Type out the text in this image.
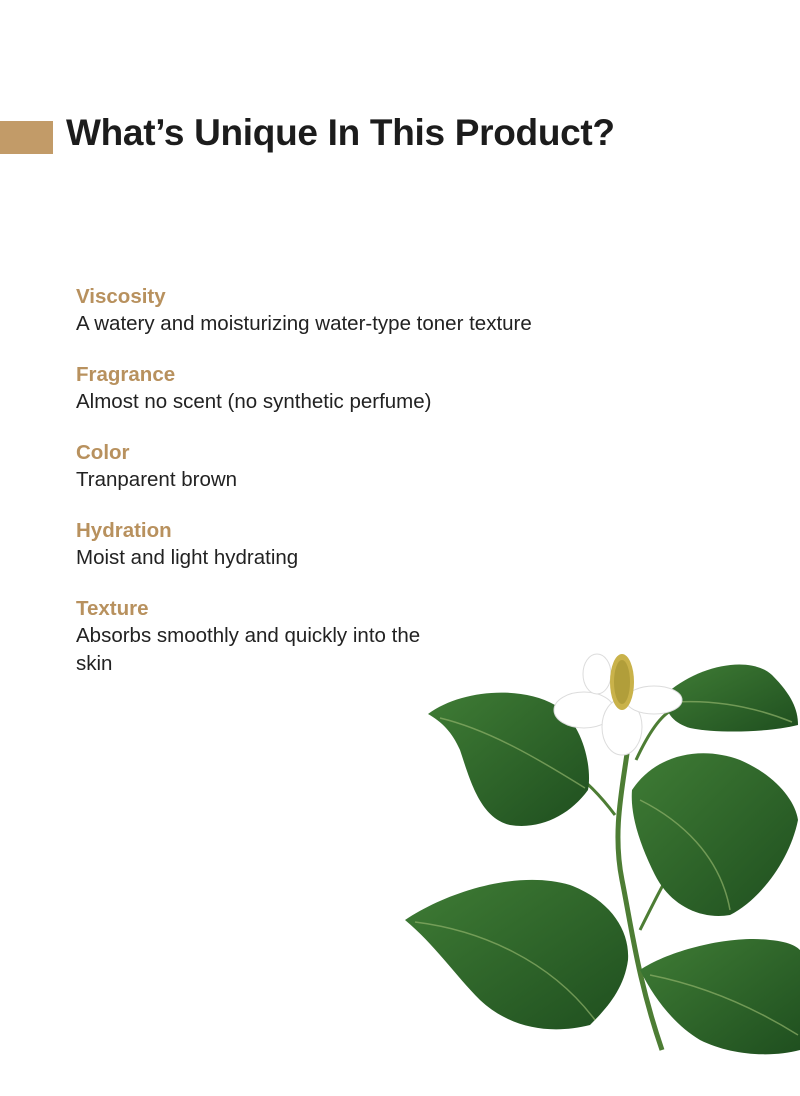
What’s Unique In This Product?
Viscosity
A watery and moisturizing water-type toner texture
Fragrance
Almost no scent (no synthetic perfume)
Color
Tranparent brown
Hydration
Moist and light hydrating
Texture
Absorbs smoothly and quickly into the skin
